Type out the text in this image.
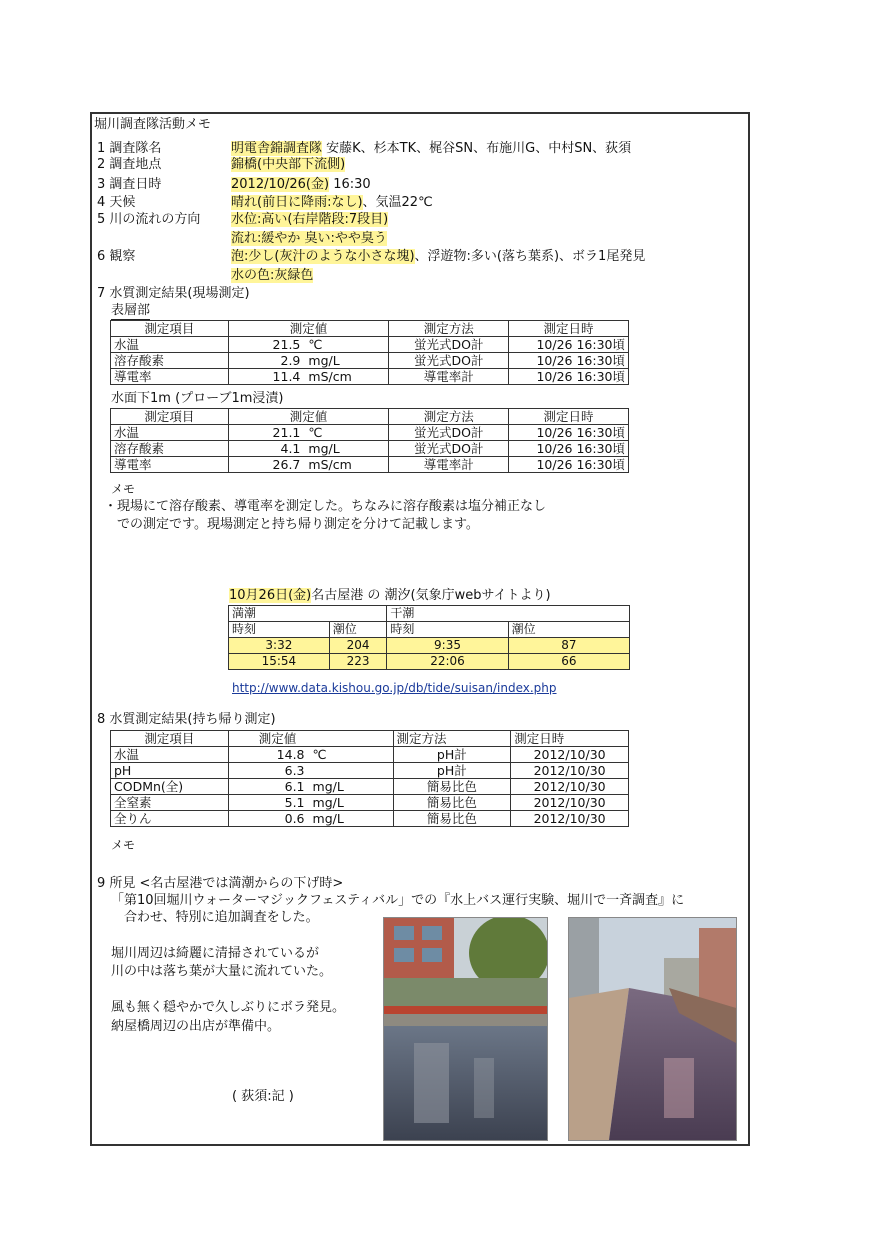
堀川調査隊活動メモ
1 調査隊名	明電舎錦調査隊 安藤K、杉本TK、梶谷SN、布施川G、中村SN、荻須
2 調査地点	錦橋(中央部下流側)
3 調査日時	2012/10/26(金) 16:30
4 天候	晴れ(前日に降雨:なし)、気温22℃
5 川の流れの方向 水位:高い(右岸階段:7段目)
流れ:緩やか 臭い:やや臭う
6 観察	泡:少し(灰汁のような小さな塊)、浮遊物:多い(落ち葉系)、ボラ1尾発見
水の色:灰緑色
7 水質測定結果(現場測定)
表層部
測定項目	測定値	測定方法	測定日時
水温	21.5 ℃	蛍光式DO計	10/26 16:30頃
溶存酸素	2.9 mg/L	蛍光式DO計	10/26 16:30頃
導電率	11.4 mS/cm	導電率計	10/26 16:30頃
水面下1m (プローブ1m浸漬)
測定項目	測定値	測定方法	測定日時
水温	21.1 ℃	蛍光式DO計	10/26 16:30頃
溶存酸素	4.1 mg/L	蛍光式DO計	10/26 16:30頃
導電率	26.7 mS/cm	導電率計	10/26 16:30頃
メモ
・現場にて溶存酸素、導電率を測定した。ちなみに溶存酸素は塩分補正なし
での測定です。現場測定と持ち帰り測定を分けて記載します。
10月26日(金)名古屋港 の 潮汐(気象庁webサイトより)
満潮		干潮	
時刻	潮位	時刻	潮位
3:32	204	9:35	87
15:54	223	22:06	66
http://www.data.kishou.go.jp/db/tide/suisan/index.php
8 水質測定結果(持ち帰り測定)
測定項目	測定値	測定方法	測定日時
水温	14.8 ℃	pH計	2012/10/30
pH	6.3	pH計	2012/10/30
CODMn(全)	6.1 mg/L	簡易比色	2012/10/30
全窒素	5.1 mg/L	簡易比色	2012/10/30
全りん	0.6 mg/L	簡易比色	2012/10/30
メモ
9 所見 <名古屋港では満潮からの下げ時>
「第10回堀川ウォーターマジックフェスティバル」での『水上バス運行実験、堀川で一斉調査』に
合わせ、特別に追加調査をした。
堀川周辺は綺麗に清掃されているが
川の中は落ち葉が大量に流れていた。
風も無く穏やかで久しぶりにボラ発見。
納屋橋周辺の出店が準備中。
( 荻須:記 )
